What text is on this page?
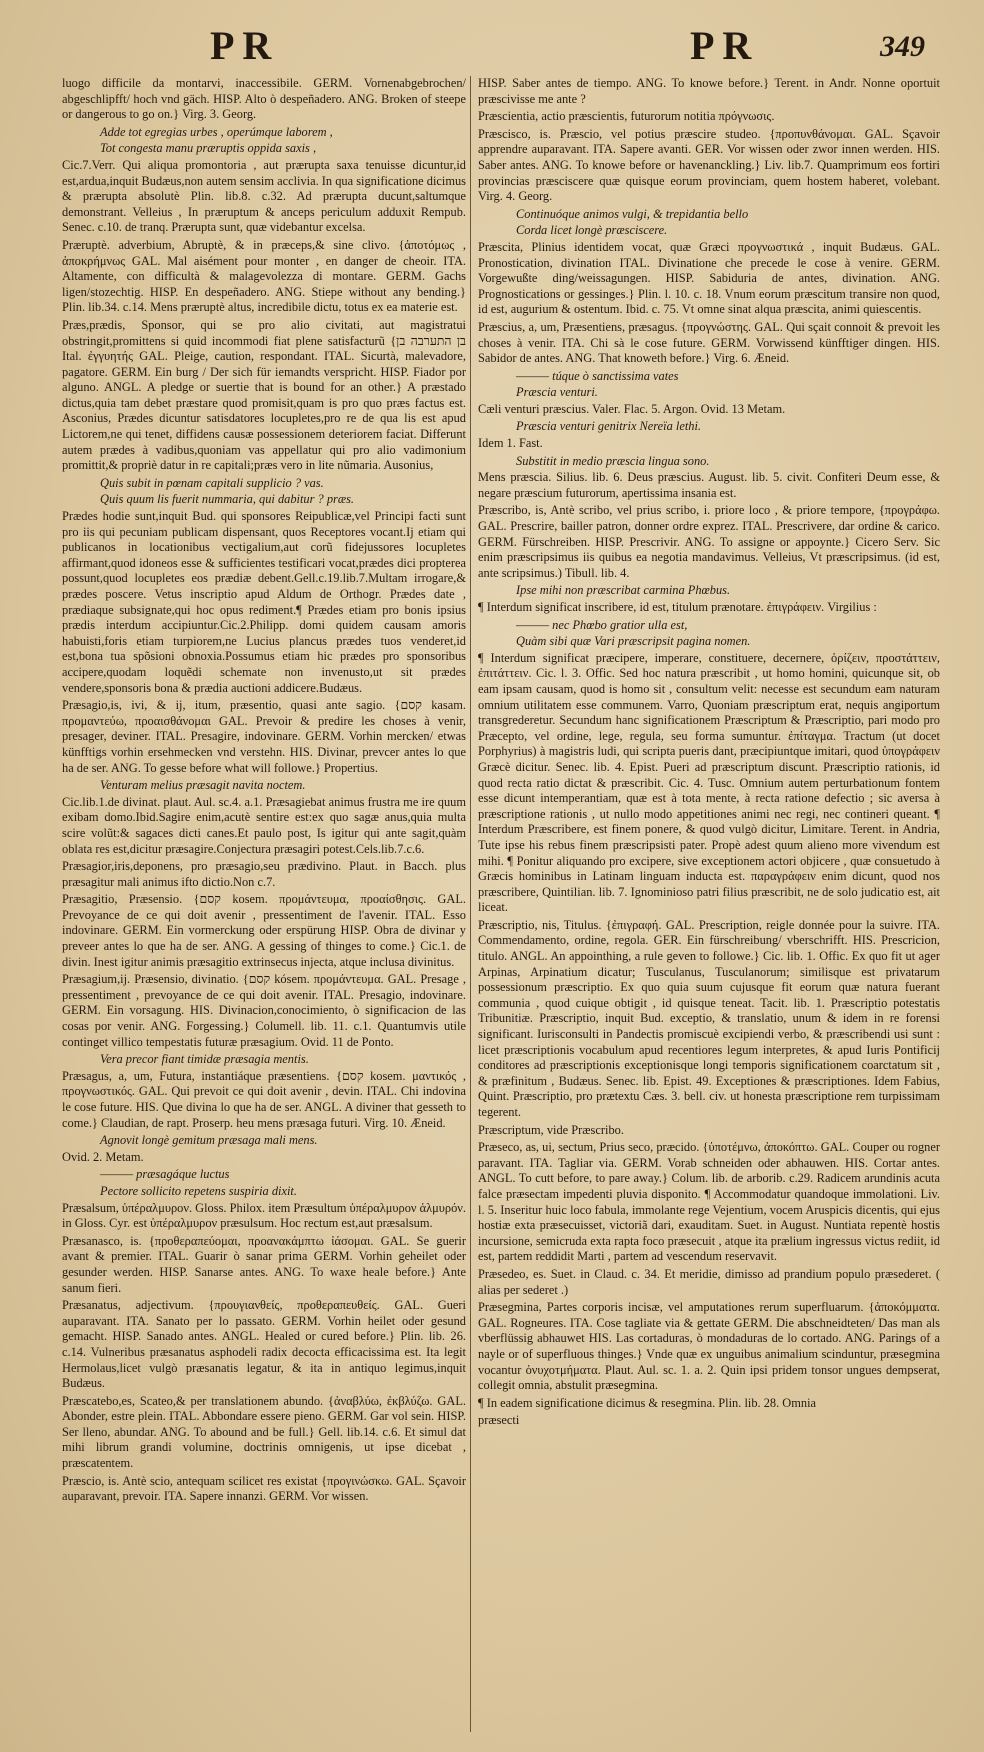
PR	PR	349

luogo difficile da montarvi, inaccessibile. GERM. Vornenabgebrochen/ abgeschlipfft/ hoch vnd gäch. HISP. Alto ò despeñadero. ANG. Broken of steepe or dangerous to go on.} Virg. 3. Georg.

Adde tot egregias urbes , operúmque laborem ,

Tot congesta manu præruptis oppida saxis ,

Cic.7.Verr. Qui aliqua promontoria , aut prærupta saxa tenuisse dicuntur,id est,ardua,inquit Budæus,non autem sensim acclivia. In qua significatione dicimus & prærupta absolutè Plin. lib.8. c.32. Ad prærupta ducunt,saltumque demonstrant. Velleius , In præruptum & anceps periculum adduxit Rempub. Senec. c.10. de tranq. Prærupta sunt, quæ videbantur excelsa.

Præruptè. adverbium, Abruptè, & in præceps,& sine clivo. {ἀποτόμως , ἀποκρήμνως GAL. Mal aisément pour monter , en danger de cheoir. ITA. Altamente, con difficultà & malagevolezza di montare. GERM. Gachs ligen/stozechtig. HISP. En despeñadero. ANG. Stiepe without any bending.} Plin. lib.34. c.14. Mens præruptè altus, incredibile dictu, totus ex ea materie est.

Præs,prædis, Sponsor, qui se pro alio civitati, aut magistratui obstringit,promittens si quid incommodi fiat plene satisfacturũ {בן התערבה בן Ital. ἐγγυητής GAL. Pleige, caution, respondant. ITAL. Sicurtà, malevadore, pagatore. GERM. Ein burg / Der sich für iemandts verspricht. HISP. Fiador por alguno. ANGL. A pledge or suertie that is bound for an other.} A præstado dictus,quia tam debet præstare quod promisit,quam is pro quo præs factus est. Asconius, Prædes dicuntur satisdatores locupletes,pro re de qua lis est apud Lictorem,ne qui tenet, diffidens causæ possessionem deteriorem faciat. Differunt autem prædes à vadibus,quoniam vas appellatur qui pro alio vadimonium promittit,& propriè datur in re capitali;præs vero in lite nũmaria. Ausonius,

Quis subit in pœnam capitali supplicio ? vas.

Quis quum lis fuerit nummaria, qui dabitur ? præs.

Prædes hodie sunt,inquit Bud. qui sponsores Reipublicæ,vel Principi facti sunt pro iis qui pecuniam publicam dispensant, quos Receptores vocant.Ij etiam qui publicanos in locationibus vectigalium,aut corũ fidejussores locupletes affirmant,quod idoneos esse & sufficientes testificari vocat,prædes dici propterea possunt,quod locupletes eos prædiæ debent.Gell.c.19.lib.7.Multam irrogare,& prædes poscere. Vetus inscriptio apud Aldum de Orthogr. Prædes date , prædiaque subsignate,qui hoc opus rediment.¶ Prædes etiam pro bonis ipsius prædis interdum accipiuntur.Cic.2.Philipp. domi quidem causam amoris habuisti,foris etiam turpiorem,ne Lucius plancus prædes tuos venderet,id est,bona tua spõsioni obnoxia.Possumus etiam hic prædes pro sponsoribus accipere,quodam loquẽdi schemate non invenusto,ut sit prædes vendere,sponsoris bona & prædia auctioni addicere.Budæus.

Præsagio,is, ivi, & ij, itum, præsentio, quasi ante sagio. {קסם kasam. προμαντεύω, προαισθάνομαι GAL. Prevoir & predire les choses à venir, presager, deviner. ITAL. Presagire, indovinare. GERM. Vorhin mercken/ etwas künfftigs vorhin ersehmecken vnd verstehn. HIS. Divinar, prevcer antes lo que ha de ser. ANG. To gesse before what will followe.} Propertius.

Venturam melius præsagit navita noctem.

Cic.lib.1.de divinat. plaut. Aul. sc.4. a.1. Præsagiebat animus frustra me ire quum exibam domo.Ibid.Sagire enim,acutè sentire est:ex quo sagæ anus,quia multa scire volũt:& sagaces dicti canes.Et paulo post, Is igitur qui ante sagit,quàm oblata res est,dicitur præsagire.Conjectura præsagiri potest.Cels.lib.7.c.6.

Præsagior,iris,deponens, pro præsagio,seu prædivino. Plaut. in Bacch. plus præsagitur mali animus ifto dictio.Non c.7.

Præsagitio, Præsensio. {קסם kosem. προμάντευμα, προαίσθησις. GAL. Prevoyance de ce qui doit avenir , pressentiment de l'avenir. ITAL. Esso indovinare. GERM. Ein vormerckung oder erspürung HISP. Obra de divinar y preveer antes lo que ha de ser. ANG. A gessing of thinges to come.} Cic.1. de divin. Inest igitur animis præsagitio extrinsecus injecta, atque inclusa divinitus.

Præsagium,ij. Præsensio, divinatio. {קסם kósem. προμάντευμα. GAL. Presage , pressentiment , prevoyance de ce qui doit avenir. ITAL. Presagio, indovinare. GERM. Ein vorsagung. HIS. Divinacion,conocimiento, ò significacion de las cosas por venir. ANG. Forgessing.} Columell. lib. 11. c.1. Quantumvis utile continget villico tempestatis futuræ præsagium. Ovid. 11 de Ponto.

Vera precor fiant timidæ præsagia mentis.

Præsagus, a, um, Futura, instantiáque præsentiens. {קסם kosem. μαντικός , προγνωστικός. GAL. Qui prevoit ce qui doit avenir , devin. ITAL. Chi indovina le cose future. HIS. Que divina lo que ha de ser. ANGL. A diviner that gesseth to come.} Claudian, de rapt. Proserp. heu mens præsaga futuri. Virg. 10. Æneid.

Agnovit longè gemitum præsaga mali mens.

Ovid. 2. Metam.

——— præsagáque luctus

Pectore sollicito repetens suspiria dixit.

Præsalsum, ὑπέραλμυρον. Gloss. Philox. item Præsultum ὑπέραλμυρον ἁλμυρόν. in Gloss. Cyr. est ὑπέραλμυρον præsulsum. Hoc rectum est,aut præsalsum.

Præsanasco, is. {προθεραπεύομαι, προανακάμπτω ἰάσομαι. GAL. Se guerir avant & premier. ITAL. Guarir ò sanar prima GERM. Vorhin geheilet oder gesunder werden. HISP. Sanarse antes. ANG. To waxe heale before.} Ante sanum fieri.

Præsanatus, adjectivum. {προυγιανθείς, προθεραπευθείς. GAL. Gueri auparavant. ITA. Sanato per lo passato. GERM. Vorhin heilet oder gesund gemacht. HISP. Sanado antes. ANGL. Healed or cured before.} Plin. lib. 26. c.14. Vulneribus præsanatus asphodeli radix decocta efficacissima est. Ita legit Hermolaus,licet vulgò præsanatis legatur, & ita in antiquo legimus,inquit Budæus.

Præscatebo,es, Scateo,& per translationem abundo. {ἀναβλύω, ἐκβλύζω. GAL. Abonder, estre plein. ITAL. Abbondare essere pieno. GERM. Gar vol sein. HISP. Ser lleno, abundar. ANG. To abound and be full.} Gell. lib.14. c.6. Et simul dat mihi librum grandi volumine, doctrinis omnigenis, ut ipse dicebat , præscatentem.

Præscio, is. Antè scio, antequam scilicet res existat {προγινώσκω. GAL. Sçavoir auparavant, prevoir. ITA. Sapere innanzi. GERM. Vor wissen.

HISP. Saber antes de tiempo. ANG. To knowe before.} Terent. in Andr. Nonne oportuit præscivisse me ante ?

Præscientia, actio præscientis, futurorum notitia πρόγνωσις.

Præscisco, is. Præscio, vel potius præscire studeo. {προπυνθάνομαι. GAL. Sçavoir apprendre auparavant. ITA. Sapere avanti. GER. Vor wissen oder zwor innen werden. HIS. Saber antes. ANG. To knowe before or havenanckling.} Liv. lib.7. Quamprimum eos fortiri provincias præsciscere quæ quisque eorum provinciam, quem hostem haberet, volebant. Virg. 4. Georg.

Continuóque animos vulgi, & trepidantia bello

Corda licet longè præsciscere.

Præscita, Plinius identidem vocat, quæ Græci προγνωστικά , inquit Budæus. GAL. Pronostication, divination ITAL. Divinatione che precede le cose à venire. GERM. Vorgewußte ding/weissagungen. HISP. Sabiduria de antes, divination. ANG. Prognostications or gessinges.} Plin. l. 10. c. 18. Vnum eorum præscitum transire non quod, id est, augurium & ostentum. Ibid. c. 75. Vt omne sinat alqua præscita, animi quiescentis.

Præscius, a, um, Præsentiens, præsagus. {προγνώστης. GAL. Qui sçait connoit & prevoit les choses à venir. ITA. Chi sà le cose future. GERM. Vorwissend künfftiger dingen. HIS. Sabidor de antes. ANG. That knoweth before.} Virg. 6. Æneid.

——— túque ò sanctissima vates

Præscia venturi.

Cæli venturi præscius. Valer. Flac. 5. Argon. Ovid. 13 Metam.

Præscia venturi genitrix Nereïa lethi.

Idem 1. Fast.

Substitit in medio præscia lingua sono.

Mens præscia. Silius. lib. 6. Deus præscius. August. lib. 5. civit. Confiteri Deum esse, & negare præscium futurorum, apertissima insania est.

Præscribo, is, Antè scribo, vel prius scribo, i. priore loco , & priore tempore, {προγράφω. GAL. Prescrire, bailler patron, donner ordre exprez. ITAL. Prescrivere, dar ordine & carico. GERM. Fürschreiben. HISP. Prescrivir. ANG. To assigne or appoynte.} Cicero Serv. Sic enim præscripsimus iis quibus ea negotia mandavimus. Velleius, Vt præscripsimus. (id est, ante scripsimus.) Tibull. lib. 4.

Ipse mihi non præscribat carmina Phœbus.

¶ Interdum significat inscribere, id est, titulum prænotare. ἐπιγράφειν. Virgilius :

——— nec Phœbo gratior ulla est,

Quàm sibi quæ Vari præscripsit pagina nomen.

¶ Interdum significat præcipere, imperare, constituere, decernere, ὁρίζειν, προστάττειν, ἐπιτάττειν. Cic. l. 3. Offic. Sed hoc natura præscribit , ut homo homini, quicunque sit, ob eam ipsam causam, quod is homo sit , consultum velit: necesse est secundum eam naturam omnium utilitatem esse communem. Varro, Quoniam præscriptum erat, nequis angiportum transgrederetur. Secundum hanc significationem Præscriptum & Præscriptio, pari modo pro Præcepto, vel ordine, lege, regula, seu forma sumuntur. ἐπίταγμα. Tractum (ut docet Porphyrius) à magistris ludi, qui scripta pueris dant, præcipiuntque imitari, quod ὑπογράφειν Græcè dicitur. Senec. lib. 4. Epist. Pueri ad præscriptum discunt. Præscriptio rationis, id quod recta ratio dictat & præscribit. Cic. 4. Tusc. Omnium autem perturbationum fontem esse dicunt intemperantiam, quæ est à tota mente, à recta ratione defectio ; sic aversa à præscriptione rationis , ut nullo modo appetitiones animi nec regi, nec contineri queant. ¶ Interdum Præscribere, est finem ponere, & quod vulgò dicitur, Limitare. Terent. in Andria, Tute ipse his rebus finem præscripsisti pater. Propè adest quum alieno more vivendum est mihi. ¶ Ponitur aliquando pro excipere, sive exceptionem actori objicere , quæ consuetudo à Græcis hominibus in Latinam linguam inducta est. παραγράφειν enim dicunt, quod nos præscribere, Quintilian. lib. 7. Ignominioso patri filius præscribit, ne de solo judicatio est, ait liceat.

Præscriptio, nis, Titulus. {ἐπιγραφή. GAL. Prescription, reigle donnée pour la suivre. ITA. Commendamento, ordine, regola. GER. Ein fürschreibung/ vberschrifft. HIS. Prescricion, titulo. ANGL. An appointhing, a rule geven to followe.} Cic. lib. 1. Offic. Ex quo fit ut ager Arpinas, Arpinatium dicatur; Tusculanus, Tusculanorum; similisque est privatarum possessionum præscriptio. Ex quo quia suum cujusque fit eorum quæ natura fuerant communia , quod cuique obtigit , id quisque teneat. Tacit. lib. 1. Præscriptio potestatis Tribunitiæ. Præscriptio, inquit Bud. exceptio, & translatio, unum & idem in re forensi significant. Iurisconsulti in Pandectis promiscuè excipiendi verbo, & præscribendi usi sunt : licet præscriptionis vocabulum apud recentiores legum interpretes, & apud Iuris Pontificij conditores ad præscriptionis exceptionisque longi temporis significationem coarctatum sit , & præfinitum , Budæus. Senec. lib. Epist. 49. Exceptiones & præscriptiones. Idem Fabius, Quint. Præscriptio, pro prætextu Cæs. 3. bell. civ. ut honesta præscriptione rem turpissimam tegerent.

Præscriptum, vide Præscribo.

Præseco, as, ui, sectum, Prius seco, præcido. {ὑποτέμνω, ἀποκόπτω. GAL. Couper ou rogner paravant. ITA. Tagliar via. GERM. Vorab schneiden oder abhauwen. HIS. Cortar antes. ANGL. To cutt before, to pare away.} Colum. lib. de arborib. c.29. Radicem arundinis acuta falce præsectam impedenti pluvia disponito. ¶ Accommodatur quandoque immolationi. Liv. l. 5. Inseritur huic loco fabula, immolante rege Vejentium, vocem Aruspicis dicentis, qui ejus hostiæ exta præsecuisset, victoriã dari, exauditam. Suet. in August. Nuntiata repentè hostis incursione, semicruda exta rapta foco præsecuit , atque ita prælium ingressus victus rediit, id est, partem reddidit Marti , partem ad vescendum reservavit.

Præsedeo, es. Suet. in Claud. c. 34. Et meridie, dimisso ad prandium populo præsederet. ( alias per sederet .)

Præsegmina, Partes corporis incisæ, vel amputationes rerum superfluarum. {ἀποκόμματα. GAL. Rogneures. ITA. Cose tagliate via & gettate GERM. Die abschneidteten/ Das man als vberflüssig abhauwet HIS. Las cortaduras, ò mondaduras de lo cortado. ANG. Parings of a nayle or of superfluous thinges.} Vnde quæ ex unguibus animalium scinduntur, præsegmina vocantur ὀνυχοτμήματα. Plaut. Aul. sc. 1. a. 2. Quin ipsi pridem tonsor ungues dempserat, collegit omnia, abstulit præsegmina.

¶ In eadem significatione dicimus & resegmina. Plin. lib. 28. Omnia

præsecti
